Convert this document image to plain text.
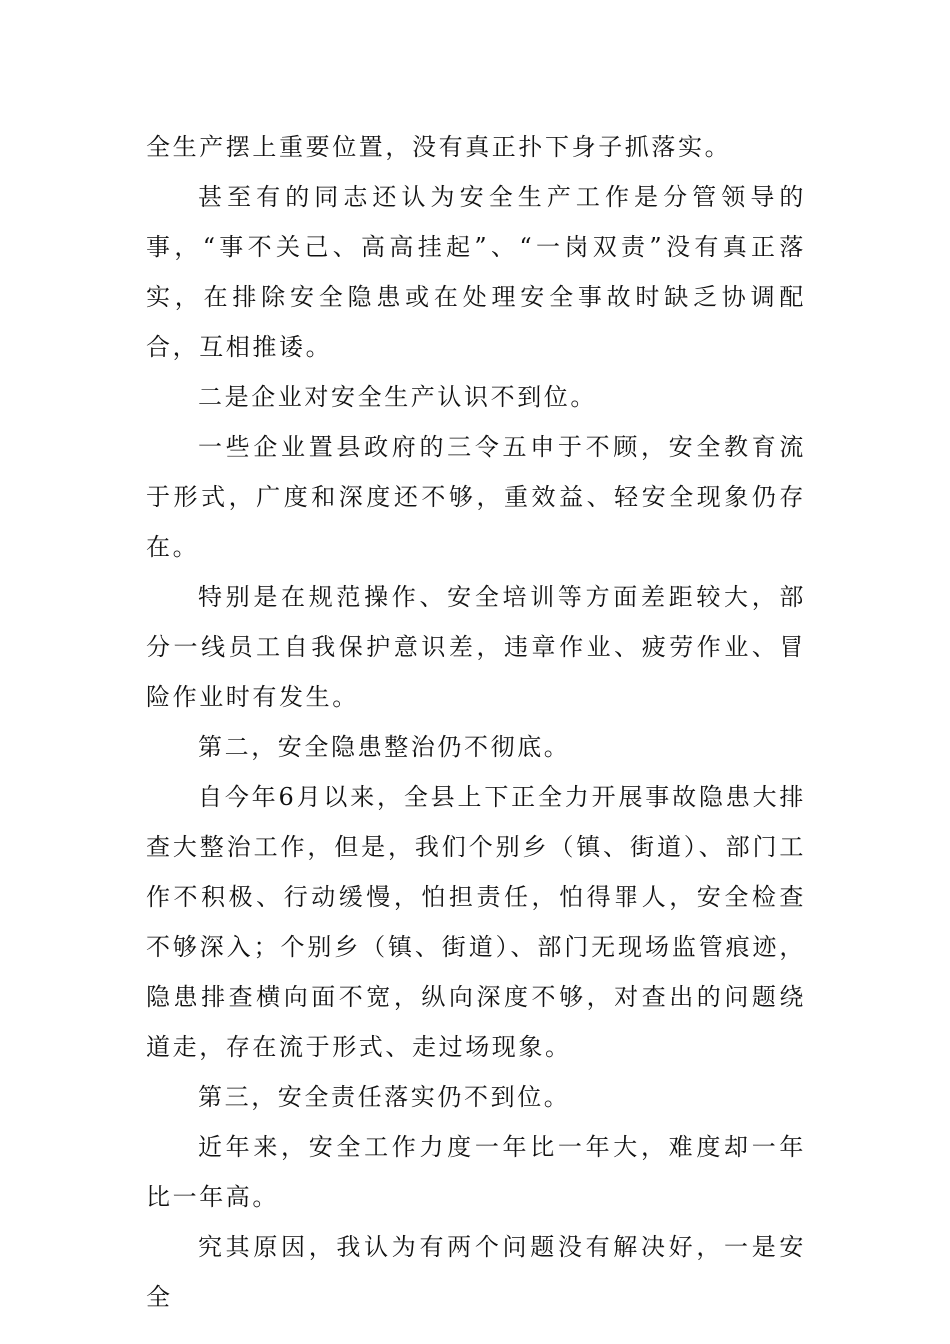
全生产摆上重要位置，没有真正扑下身子抓落实。

甚至有的同志还认为安全生产工作是分管领导的事，“事不关己、高高挂起”、“一岗双责”没有真正落实，在排除安全隐患或在处理安全事故时缺乏协调配合，互相推诿。

二是企业对安全生产认识不到位。

一些企业置县政府的三令五申于不顾，安全教育流于形式，广度和深度还不够，重效益、轻安全现象仍存在。

特别是在规范操作、安全培训等方面差距较大，部分一线员工自我保护意识差，违章作业、疲劳作业、冒险作业时有发生。

第二，安全隐患整治仍不彻底。

自今年6月以来，全县上下正全力开展事故隐患大排查大整治工作，但是，我们个别乡（镇、街道）、部门工作不积极、行动缓慢，怕担责任，怕得罪人，安全检查不够深入；个别乡（镇、街道）、部门无现场监管痕迹，隐患排查横向面不宽，纵向深度不够，对查出的问题绕道走，存在流于形式、走过场现象。

第三，安全责任落实仍不到位。

近年来，安全工作力度一年比一年大，难度却一年比一年高。

究其原因，我认为有两个问题没有解决好，一是安全
